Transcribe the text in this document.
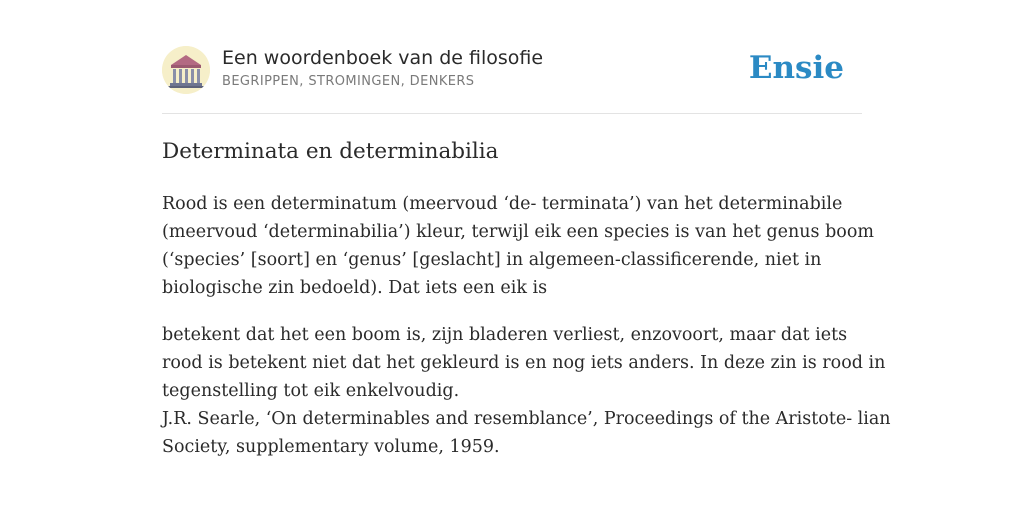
Een woordenboek van de filosofie
BEGRIPPEN, STROMINGEN, DENKERS	Ensie
Determinata en determinabilia

Rood is een determinatum (meervoud ‘de- terminata’) van het determinabile
(meervoud ‘determinabilia’) kleur, terwijl eik een species is van het genus boom
(‘species’ [soort] en ‘genus’ [geslacht] in algemeen-classificerende, niet in
biologische zin bedoeld). Dat iets een eik is

betekent dat het een boom is, zijn bladeren verliest, enzovoort, maar dat iets
rood is betekent niet dat het gekleurd is en nog iets anders. In deze zin is rood in
tegenstelling tot eik enkelvoudig.
J.R. Searle, ‘On determinables and resemblance’, Proceedings of the Aristote- lian
Society, supplementary volume, 1959.
